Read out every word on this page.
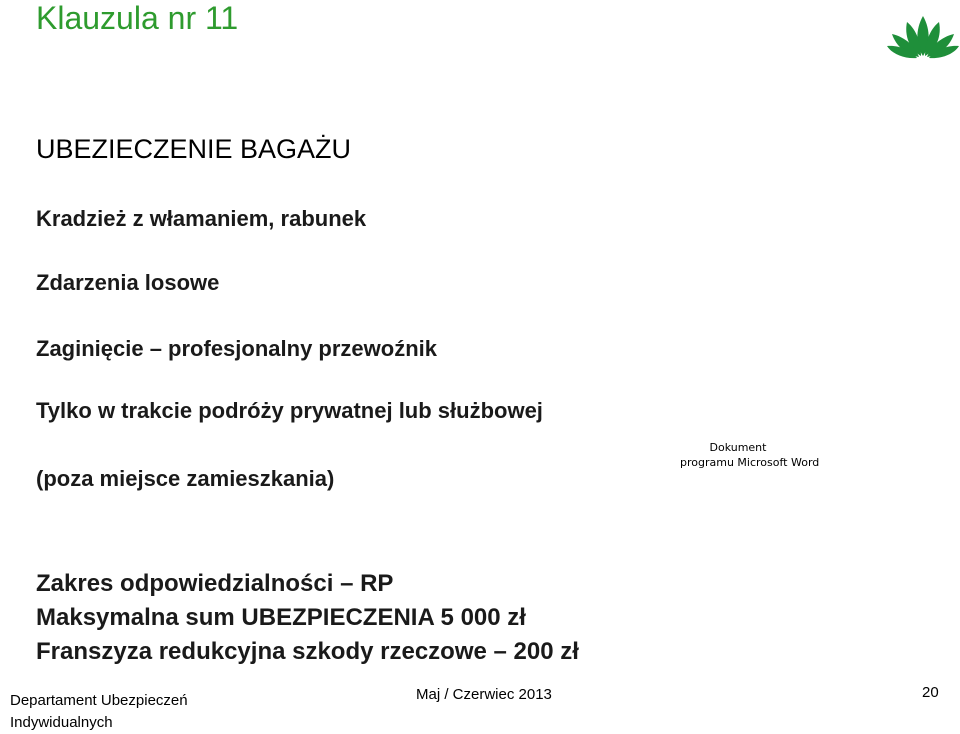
Klauzula nr 11
UBEZIECZENIE BAGAŻU
Kradzież z włamaniem, rabunek
Zdarzenia losowe
Zaginięcie – profesjonalny przewoźnik
Tylko w trakcie podróży prywatnej lub służbowej
(poza miejsce zamieszkania)
Dokument
programu Microsoft Word
Zakres odpowiedzialności – RP
Maksymalna sum UBEZPIECZENIA 5 000 zł
Franszyza redukcyjna szkody rzeczowe – 200 zł
Departament Ubezpieczeń
Indywidualnych
Maj / Czerwiec 2013	20
